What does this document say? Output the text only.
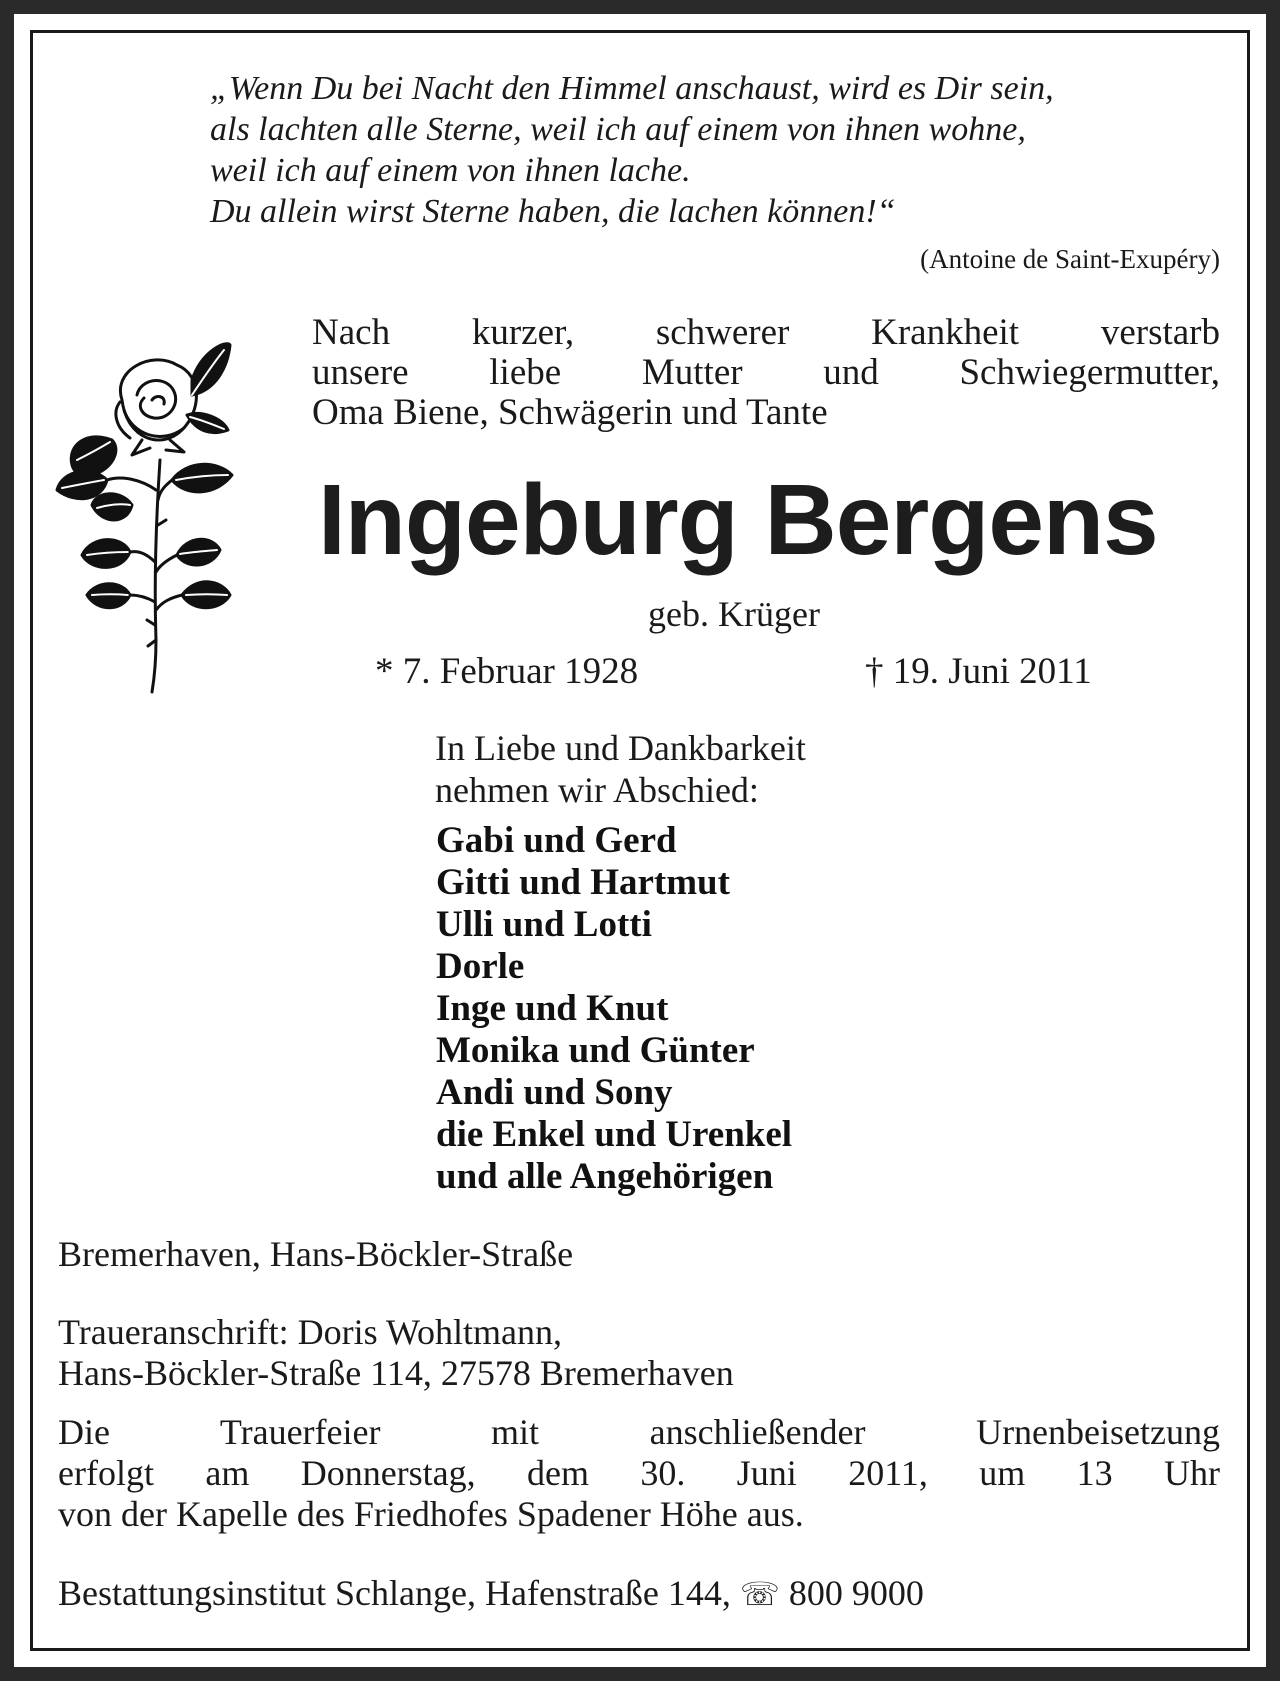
„Wenn Du bei Nacht den Himmel anschaust, wird es Dir sein,
als lachten alle Sterne, weil ich auf einem von ihnen wohne,
weil ich auf einem von ihnen lache.
Du allein wirst Sterne haben, die lachen können!“
(Antoine de Saint-Exupéry)
Nach kurzer, schwerer Krankheit verstarb
unsere liebe Mutter und Schwiegermutter,
Oma Biene, Schwägerin und Tante
Ingeburg Bergens
geb. Krüger
* 7. Februar 1928	† 19. Juni 2011
In Liebe und Dankbarkeit
nehmen wir Abschied:
Gabi und Gerd
Gitti und Hartmut
Ulli und Lotti
Dorle
Inge und Knut
Monika und Günter
Andi und Sony
die Enkel und Urenkel
und alle Angehörigen
Bremerhaven, Hans-Böckler-Straße
Traueranschrift: Doris Wohltmann,
Hans-Böckler-Straße 114, 27578 Bremerhaven
Die Trauerfeier mit anschließender Urnenbeisetzung
erfolgt am Donnerstag, dem 30. Juni 2011, um 13 Uhr
von der Kapelle des Friedhofes Spadener Höhe aus.
Bestattungsinstitut Schlange, Hafenstraße 144, ☏ 800 9000
